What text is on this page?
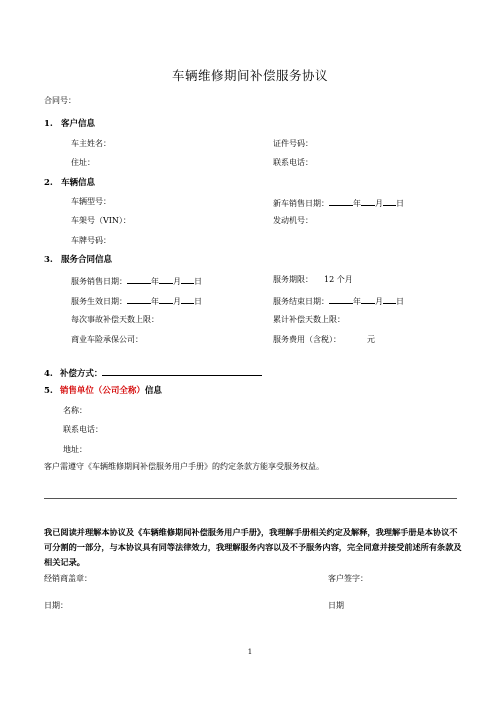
车辆维修期间补偿服务协议
合同号：
1. 客户信息
车主姓名：	证件号码：
住址：	联系电话：
2. 车辆信息
车辆型号：	新车销售日期：	年 月 日
车架号（VIN）：	发动机号：
车牌号码：
3. 服务合同信息
服务销售日期：	年 月 日	服务期限： 12 个月
服务生效日期：	年 月 日	服务结束日期：	年 月 日
每次事故补偿天数上限：	累计补偿天数上限：
商业车险承保公司：	服务费用（含税）：	元
4. 补偿方式：
5. 销售单位（公司全称）信息
名称：
联系电话：
地址：
客户需遵守《车辆维修期间补偿服务用户手册》的约定条款方能享受服务权益。
我已阅读并理解本协议及《车辆维修期间补偿服务用户手册》，我理解手册相关约定及解释，我理解手册是本协议不可分割的一部分，与本协议具有同等法律效力，我理解服务内容以及不予服务内容，完全同意并接受前述所有条款及相关记录。
经销商盖章：	客户签字：
日期：	日期
1
